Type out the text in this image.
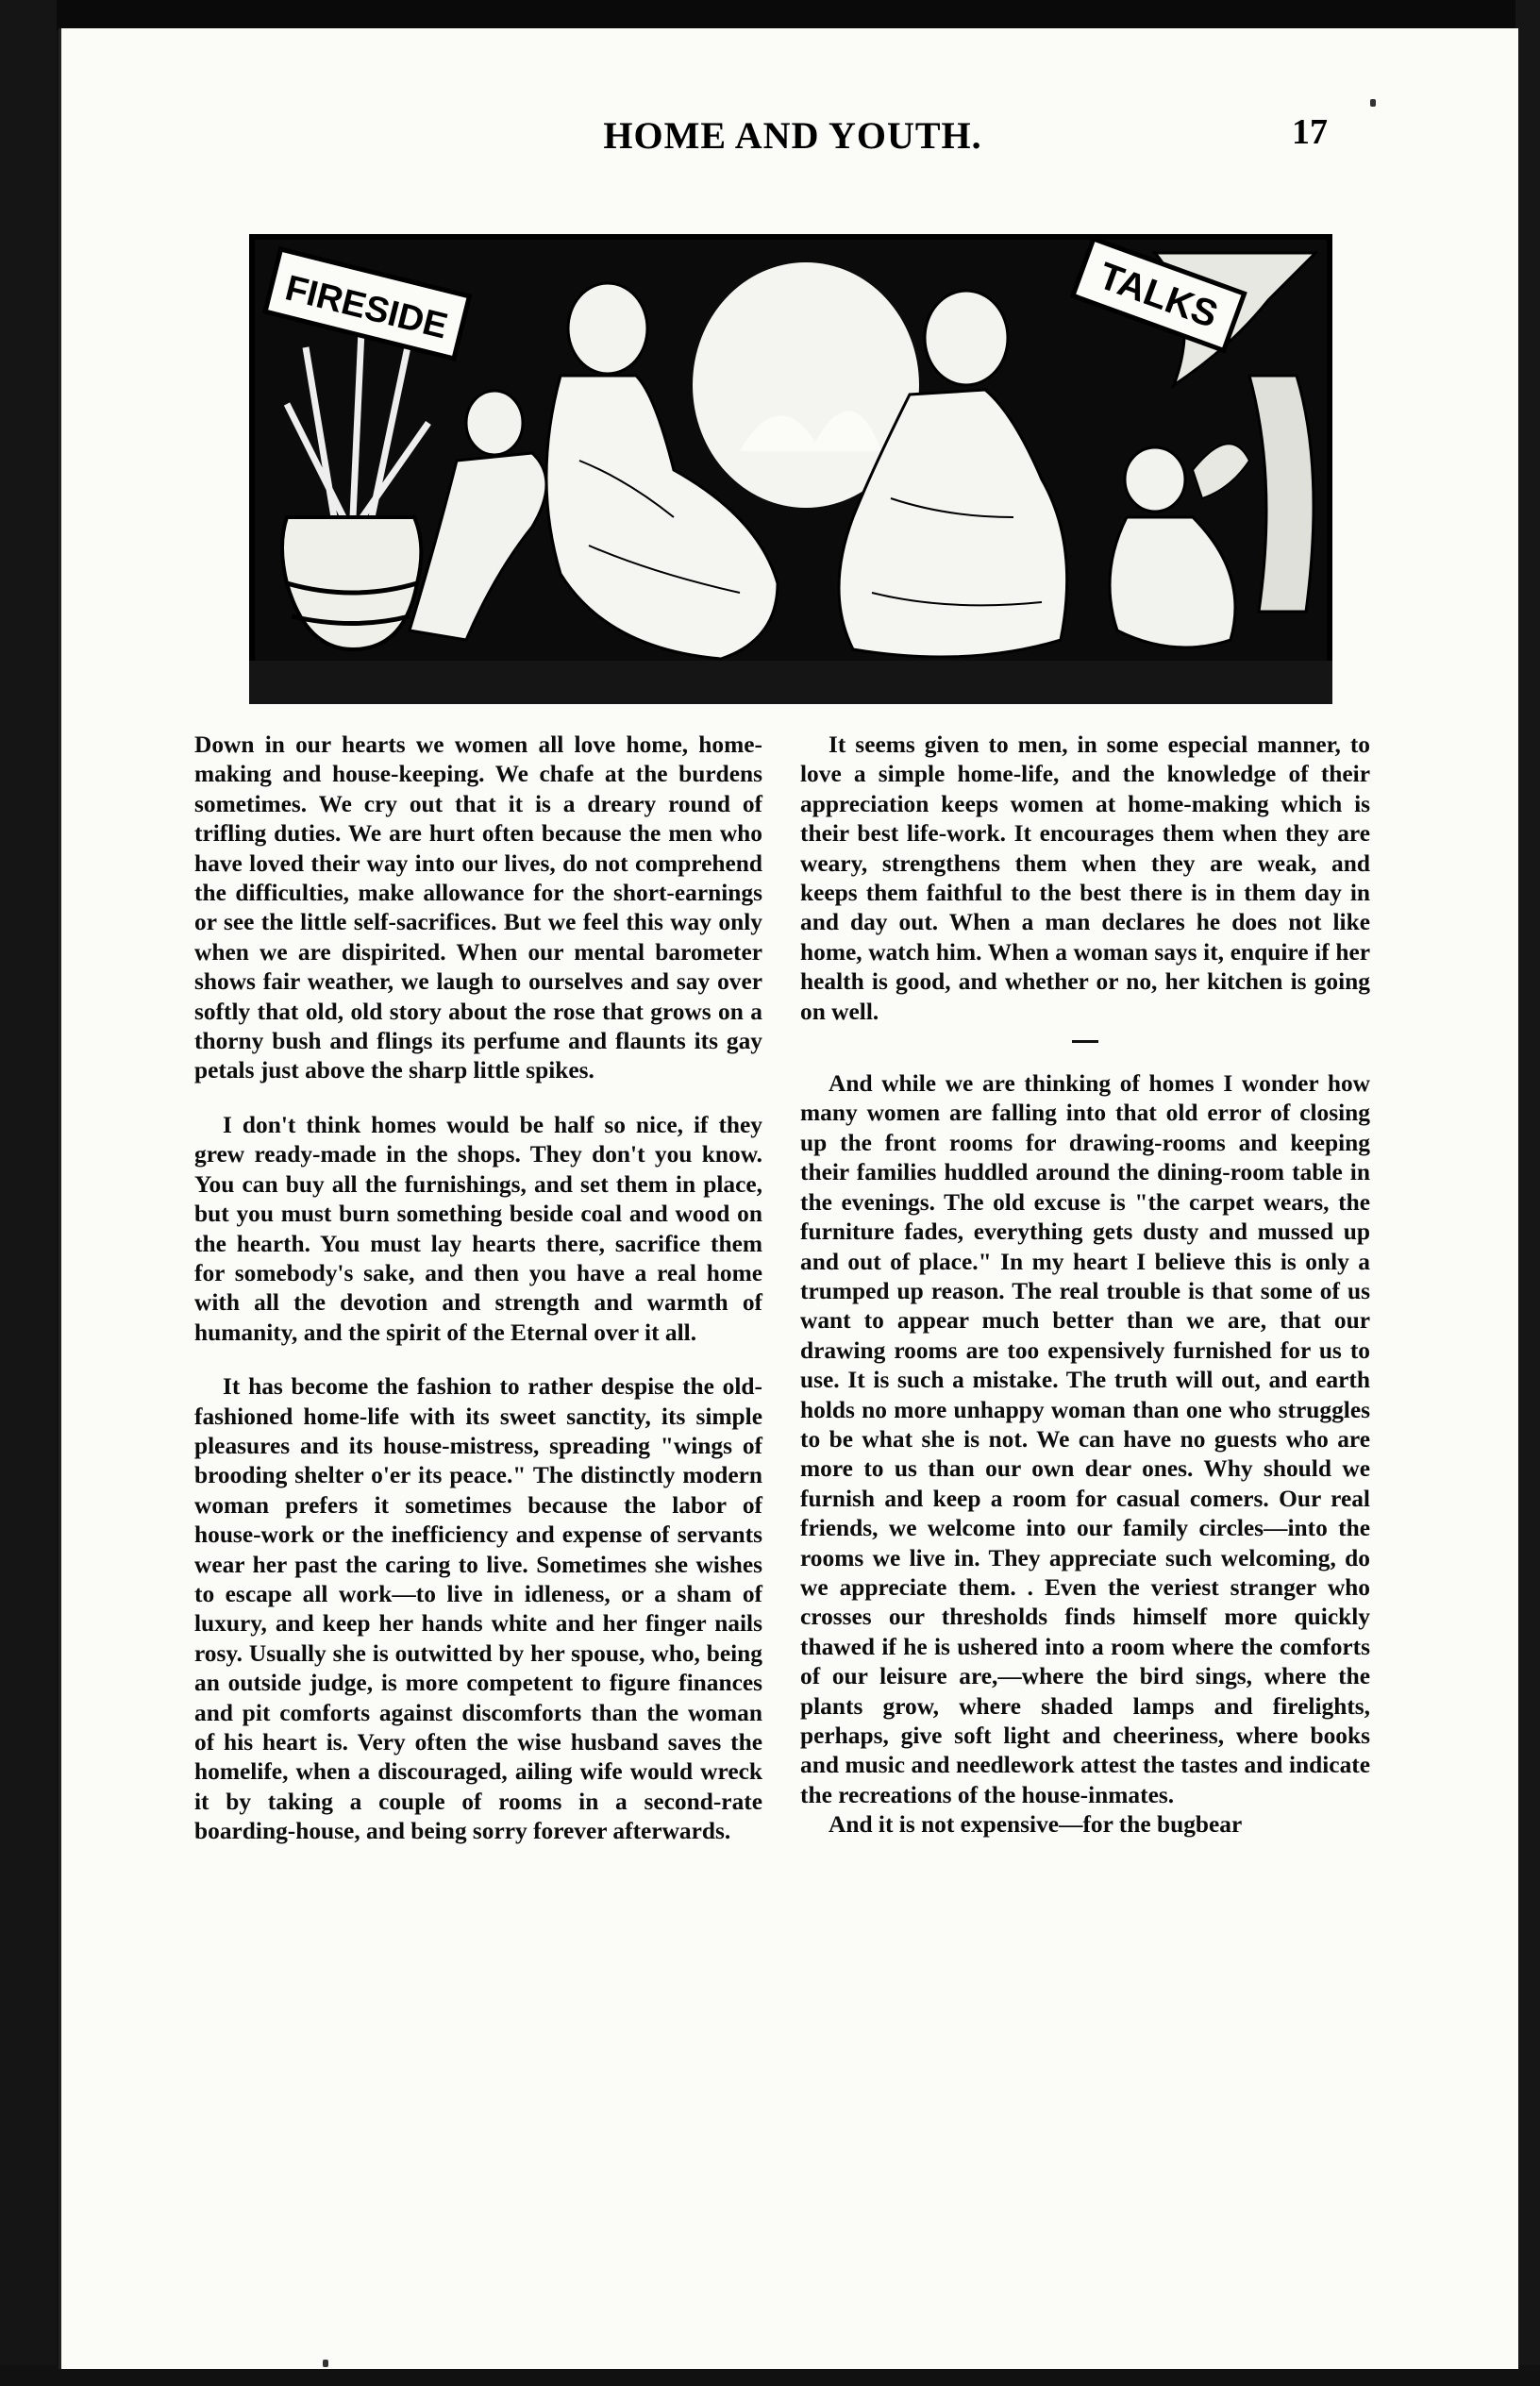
HOME AND YOUTH.	17
FIRESIDE	TALKS

Down in our hearts we women all love home, home-making and house-keeping. We chafe at the burdens sometimes. We cry out that it is a dreary round of trifling duties. We are hurt often because the men who have loved their way into our lives, do not comprehend the difficulties, make allowance for the short-earnings or see the little self-sacrifices. But we feel this way only when we are dispirited. When our mental barometer shows fair weather, we laugh to ourselves and say over softly that old, old story about the rose that grows on a thorny bush and flings its perfume and flaunts its gay petals just above the sharp little spikes.

I don't think homes would be half so nice, if they grew ready-made in the shops. They don't you know. You can buy all the furnishings, and set them in place, but you must burn something beside coal and wood on the hearth. You must lay hearts there, sacrifice them for somebody's sake, and then you have a real home with all the devotion and strength and warmth of humanity, and the spirit of the Eternal over it all.

It has become the fashion to rather despise the old-fashioned home-life with its sweet sanctity, its simple pleasures and its house-mistress, spreading "wings of brooding shelter o'er its peace." The distinctly modern woman prefers it sometimes because the labor of house-work or the inefficiency and expense of servants wear her past the caring to live. Sometimes she wishes to escape all work—to live in idleness, or a sham of luxury, and keep her hands white and her finger nails rosy. Usually she is outwitted by her spouse, who, being an outside judge, is more competent to figure finances and pit comforts against discomforts than the woman of his heart is. Very often the wise husband saves the homelife, when a discouraged, ailing wife would wreck it by taking a couple of rooms in a second-rate boarding-house, and being sorry forever afterwards.

It seems given to men, in some especial manner, to love a simple home-life, and the knowledge of their appreciation keeps women at home-making which is their best life-work. It encourages them when they are weary, strengthens them when they are weak, and keeps them faithful to the best there is in them day in and day out. When a man declares he does not like home, watch him. When a woman says it, enquire if her health is good, and whether or no, her kitchen is going on well.

And while we are thinking of homes I wonder how many women are falling into that old error of closing up the front rooms for drawing-rooms and keeping their families huddled around the dining-room table in the evenings. The old excuse is "the carpet wears, the furniture fades, everything gets dusty and mussed up and out of place." In my heart I believe this is only a trumped up reason. The real trouble is that some of us want to appear much better than we are, that our drawing rooms are too expensively furnished for us to use. It is such a mistake. The truth will out, and earth holds no more unhappy woman than one who struggles to be what she is not. We can have no guests who are more to us than our own dear ones. Why should we furnish and keep a room for casual comers. Our real friends, we welcome into our family circles—into the rooms we live in. They appreciate such welcoming, do we appreciate them. . Even the veriest stranger who crosses our thresholds finds himself more quickly thawed if he is ushered into a room where the comforts of our leisure are,—where the bird sings, where the plants grow, where shaded lamps and firelights, perhaps, give soft light and cheeriness, where books and music and needlework attest the tastes and indicate the recreations of the house-inmates.

And it is not expensive—for the bugbear
